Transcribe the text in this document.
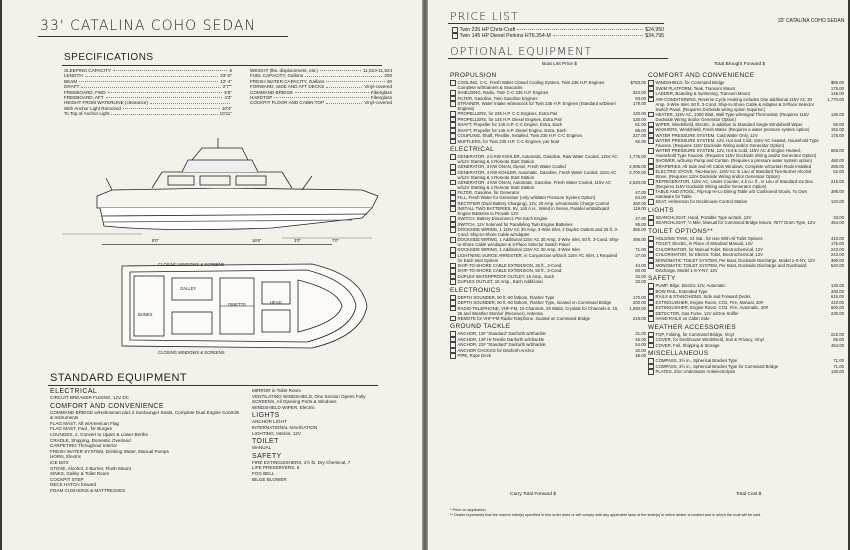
33' CATALINA COHO SEDAN
SPECIFICATIONS
SLEEPING CAPACITY	6
LENGTH	33'-0"
BEAM	12'-4"
DRAFT	2'7""
FREEBOARD, FWD	5'6"
FREEBOARD, AFT	4'3"
HEIGHT FROM WATERLINE (clearance)
With Anchor Light Removed	10'4"
To Top of Anchor Light	10'11"
WEIGHT (lbs. displacement, est.)	11,610-11,824
FUEL CAPACITY, Gallons	200
FRESH WATER CAPACITY, Gallons	40
FORWARD, SIDE AND AFT DECKS	Vinyl-covered
COMMAND BRIDGE	Fiberglass
HARDTOP	Fiberglass
COCKPIT FLOOR AND CABIN TOP	Vinyl-covered
8'0"	16'6"	3'0"	7'0"
CLOSING WINDOWS & SCREENS
BUNKS
GALLEY
DINETTE	HEAD
CLOSING WINDOWS & SCREENS
STANDARD EQUIPMENT
ELECTRICAL
CIRCUIT BREAKER FUSING, 12V DC
COMFORT AND CONVENIENCE
COMMAND BRIDGE w/Helmsman plus 2 Sunlounger Seats, Complete Dual Engine Controls & Instruments
FLAG MAST, Aft w/American Flag
FLAG MAST, Fwd., for Burgee
LOUNGES, 2, Convert to Upper & Lower Berths
CRADLE, Shipping, Domestic Overland
CARPETING Throughout Interior
FRESH WATER SYSTEM, Drinking Water, Manual Pumps
HORN, Electric
ICE BOX
STOVE, Alcohol, 2-Burner, Flush Mount
SINKS, Galley & Toilet Room
COCKPIT STEP
DECK HATCH forward
FOAM CUSHIONS & MATTRESSES
MIRROR in Toilet Room
VENTILATING WINDSHIELD, One Section Opens Fully
SCREENS, All Opening Ports & Windows
WINDSHIELD WIPER, Electric
LIGHTS
ANCHOR LIGHT
INTERNATIONAL NAVIGATION
LIGHTING, Interior, 12V
TOILET
MANUAL
SAFETY
FIRE EXTINGUISHERS, 2½ lb. Dry Chemical, 7
LIFE PRESERVERS, 6
FOG BELL
BILGE BLOWER
PRICE LIST	33' CATALINA COHO SEDAN
Twin 235 HP Chris-Craft	$24,950
Twin 145 HP Diesel Perkins HT6.354-M	$34,795
OPTIONAL EQUIPMENT
Boat List Price $	Total Brought Forward $
PROPULSION
COOLING, C-C, Fresh Water Closed Cooling System, Twin 235 H.P. Engines Complete w/Strainers & Seacocks
$783.00
SHIELDING, Radio, Twin C-C 235 H.P. Engines	324.00
FILTER, Gasoline, Twin Gasoline Engines	93.00
STRAINER, Water Intake w/Seacock for Twin 235 H.P. Engines (Standard w/Diesel Engines)
179.00
PROPELLERS, for 235 H.P. C-C Engines, Extra Pair	120.00
PROPELLERS, for 145 H.P. Diesel Engines, Extra Pair	120.00
SHAFT, Propeller for 145 H.P. C-C Engine, Extra, Each	61.00
SHAFT, Propeller for 145 H.P. Diesel Engine, Extra, Each	66.00
COUPLING, Shaft, Flexible, Installed, Twin 235 H.P. C-C Engines	227.00
MUFFLERS, for Twin 235 H.P. C-C Engines, per boat	92.00
ELECTRICAL
GENERATOR, 2.5 KW KOHLER, Automatic, Gasoline, Raw Water Cooled, 115V AC w/12V Starting & 1 Remote Start Station
1,775.00
GENERATOR, 3 KW ONAN, Diesel, Fresh Water Cooled	2,995.00
GENERATOR, 4 KW KOHLER, Automatic, Gasoline, Fresh Water Cooled, 115V AC w/12V Starting & 1 Remote Start Station
2,700.00
GENERATOR, 4 KW ONAN, Automatic, Gasoline, Fresh Water Cooled, 115V AC w/12V Starting & 1 Remote Start Station
2,620.00
FILTER, Gasoline, for Generator	47.00
FILL, Fresh Water for Generator (only w/Water Pressure System Option)	54.00
RECTIFIER (Dual Battery Charging), 12V, 20 Amp, w/Automatic Charge Control	260.00
INSTALL TWO BATTERIES, 6V, 140 A.H., Wired in Series, Parallel w/Starboard Engine Batteries to Provide 12V
119.00
SWITCH, Battery Disconnect, Per Each Engine	47.00
SWITCH, 12V Solenoid for Paralleling Twin Engine Batteries	95.00
DOCKSIDE WIRING, 1 115V AC 30 Amp, 3-Wire Inlet, 4 Duplex Outlets and 25 ft. 3-Cond. Ship-to-Shore Cable w/Adapter
355.00
DOCKSIDE WIRING, 1 Additional 115V AC 30 Amp, 3-Wire Inlet, 50 ft. 3-Cond. Ship-to-Shore Cable w/Adapter & 3-Place Selector Switch Panel
495.00
DOCKSIDE WIRING, 1 Additional 115V AC 30 Amp, 3-Wire Inlet	71.00
LIGHTNING SURGE ARRESTER, in Conjunction w/Dock 115V AC Inlet, 1 Required for Each Inlet System
27.00
SHIP-TO-SHORE CABLE EXTENSION, 25 ft., 3-Cond.	44.00
SHIP-TO-SHORE CABLE EXTENSION, 50 ft., 3-Cond.	60.00
DUPLEX WATERPROOF OUTLET, 15 Amp., Each	32.00
DUPLEX OUTLET, 15 Amp., Each Additional	32.00
ELECTRONICS
DEPTH SOUNDER, 60 ft.-60 fathom, Flasher Type	170.00
DEPTH SOUNDER, 60 ft.-60 fathom, Flasher Type, located on Command Bridge	200.00
RADIO-TELEPHONE, VHF-FM, 10 Channels, 25 Watts, Crystals for Channels 6, 16, 26 and Weather Monitor (Receiver), Antenna
1,050.00
REMOTE for VHF-FM Radio-Telephone, located on Command Bridge	219.00
GROUND TACKLE
ANCHOR, 13# "Standard" Danforth w/Shackle	31.00
ANCHOR, 13# Hi-Tensile Danforth w/Shackle	45.00
ANCHOR, 22# "Standard" Danforth w/Shackle	54.00
ANCHOR CHOCKS for Danforth Anchor	32.00
PIPE, Rope Deck	48.00
COMFORT AND CONVENIENCE
WINDSHIELD, for Command Bridge	$85.00
SWIM PLATFORM, Teak, Transom Mount	175.00
LADDER, Boarding & Swimming, Transom Mount	145.00
AIR-CONDITIONING, Reverse Cycle Heating includes One additional 115V AC 30 Amp. 3-Wire Inlet, 50 ft. 3-Cond. Ship-to-Shore Cable & Adapter & 3-Place Selector Switch Panel, (Requires Dockside wiring option required.)
1,770.00
HEATER, 115V AC, 1300 Watt, Wall Type w/Integral Thermostat, (Requires 115V Dockside Wiring and/or Generator Option)
135.00
WIPER, Windshield, Electric, in addition to Standard Single Windshield Wiper	60.00
WASHERS, Windshield, Fresh Water. (Requires a water pressure system option)	162.00
WATER PRESSURE SYSTEM, Cold Water Only, 12V	175.00
WATER PRESSURE SYSTEM, 12V, Hot and Cold, 115V AC Heated, Household Type Faucets. (Requires 115V Dockside Wiring and/or Generator Option)
WATER PRESSURE SYSTEM, 12V, Hot & Cold, 115V AC & Engine Heated, Household Type Faucets. (Requires 115V Dockside Wiring and/or Generator Option)
665.00
SHOWER, w/Sump Pump and Curtain. (Requires a pressure water system option)	460.00
DRAPERIES, All Side and Aft Cabin Windows, Complete w/Curtain Rods Installed	285.00
ELECTRIC STOVE, Two-Burner, 115V AC in Lieu of Standard Two-Burner Alcohol Stove. (Requires 115V Dockside Wiring and/or Generator Option)
52.00
REFRIGERATOR, 115V AC, Under Counter, 4.5 cu. ft., in Lieu of Standard Ice Box. (Requires 115V Dockside Wiring and/or Generator Option)
215.00
TABLE AND STOOL, Flip-top Hi-Lo Dining Table w/2 Cushioned Stools, To Own Hardware for Table
395.00
SEAT, Helmsman for Deckhouse Control Station	120.00
LIGHTS
SEARCHLIGHT, Hand, Portable Type w/Jack, 12V	33.00
SEARCHLIGHT, ½ Mile, Manual for Command Bridge Mount, #677 Drum Type, 12V	454.00
TOILET OPTIONS**
HOLDING TANK, 24 Gal., for Use With All Toilet Options	410.00
TOILET, Electric, in Place of Standard Manual, 12V	175.00
CHLORINATOR, for Manual Toilet, Electrochemical, 12V	243.00
CHLORINATOR, for Electric Toilet, Electrochemical, 12V	243.00
MONOMATIC TOILET SYSTEM, Per Boat, Dockside Discharge, Model 1-S-NY, 12V	390.00
MONOMATIC TOILET SYSTEM, Per Boat, Dockside Discharge and Overboard Discharge, Model 1-S-Y-NY, 12V
540.00
SAFETY
PUMP, Bilge, Electric 12V, Automatic	130.00
BOW RAIL, Extended Type	330.00
RAILS & STANCHIONS, Side and Forward Decks	615.00
EXTINGUISHER, Engine Room, CO2, Fire, Manual, 20#	410.00
EXTINGUISHER, Engine Room, CO2, Fire, Automatic, 20#	600.00
DETECTOR, Gas Fume, 12V w/One Sniffer	230.00
HAND RAILS on Cabin Side
WEATHER ACCESSORIES
TOP, Folding, for Command Bridge, Vinyl	222.00
COVER, for Deckhouse Windshield, Sun & Privacy, Vinyl	85.00
COVER, Full, Shipping & Storage	454.00
MISCELLANEOUS
COMPASS, 3½ in., Spherical Bracket Type	71.00
COMPASS, 3½ in., Spherical Bracket Type for Command Bridge	71.00
PLATES, Zinc Underwater Antielectrolysis	130.00
Carry Total Forward $	Total Cost $
* Price on application.
** Dealer represents that the marine toilet(s) specified in this order does or will comply with any applicable laws of the state(s) in which dealer is located and in which the boat will be sold.
